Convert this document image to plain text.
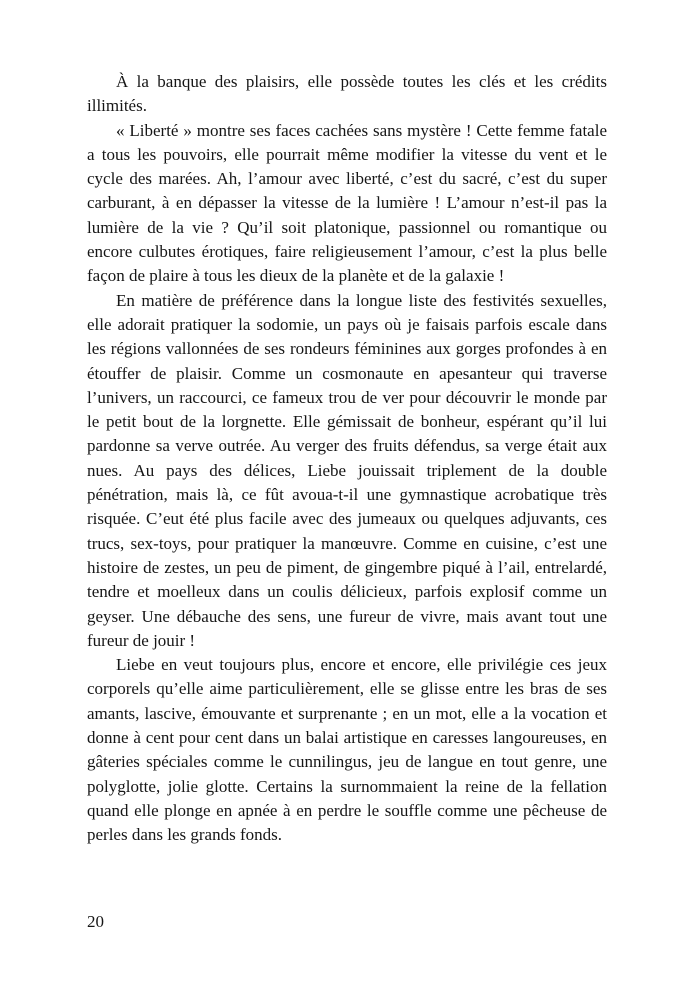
À la banque des plaisirs, elle possède toutes les clés et les crédits illimités.

« Liberté » montre ses faces cachées sans mystère ! Cette femme fatale a tous les pouvoirs, elle pourrait même modifier la vitesse du vent et le cycle des marées. Ah, l’amour avec liberté, c’est du sacré, c’est du super carburant, à en dépasser la vitesse de la lumière ! L’amour n’est-il pas la lumière de la vie ? Qu’il soit platonique, passionnel ou romantique ou encore culbutes érotiques, faire religieusement l’amour, c’est la plus belle façon de plaire à tous les dieux de la planète et de la galaxie !

En matière de préférence dans la longue liste des festivités sexuelles, elle adorait pratiquer la sodomie, un pays où je faisais parfois escale dans les régions vallonnées de ses rondeurs féminines aux gorges profondes à en étouffer de plaisir. Comme un cosmonaute en apesanteur qui traverse l’univers, un raccourci, ce fameux trou de ver pour découvrir le monde par le petit bout de la lorgnette. Elle gémissait de bonheur, espérant qu’il lui pardonne sa verve outrée. Au verger des fruits défendus, sa verge était aux nues. Au pays des délices, Liebe jouissait triplement de la double pénétration, mais là, ce fût avoua-t-il une gymnastique acrobatique très risquée. C’eut été plus facile avec des jumeaux ou quelques adjuvants, ces trucs, sex-toys, pour pratiquer la manœuvre. Comme en cuisine, c’est une histoire de zestes, un peu de piment, de gingembre piqué à l’ail, entrelardé, tendre et moelleux dans un coulis délicieux, parfois explosif comme un geyser. Une débauche des sens, une fureur de vivre, mais avant tout une fureur de jouir !

Liebe en veut toujours plus, encore et encore, elle privilégie ces jeux corporels qu’elle aime particulièrement, elle se glisse entre les bras de ses amants, lascive, émouvante et surprenante ; en un mot, elle a la vocation et donne à cent pour cent dans un balai artistique en caresses langoureuses, en gâteries spéciales comme le cunnilingus, jeu de langue en tout genre, une polyglotte, jolie glotte. Certains la surnommaient la reine de la fellation quand elle plonge en apnée à en perdre le souffle comme une pêcheuse de perles dans les grands fonds.

20
